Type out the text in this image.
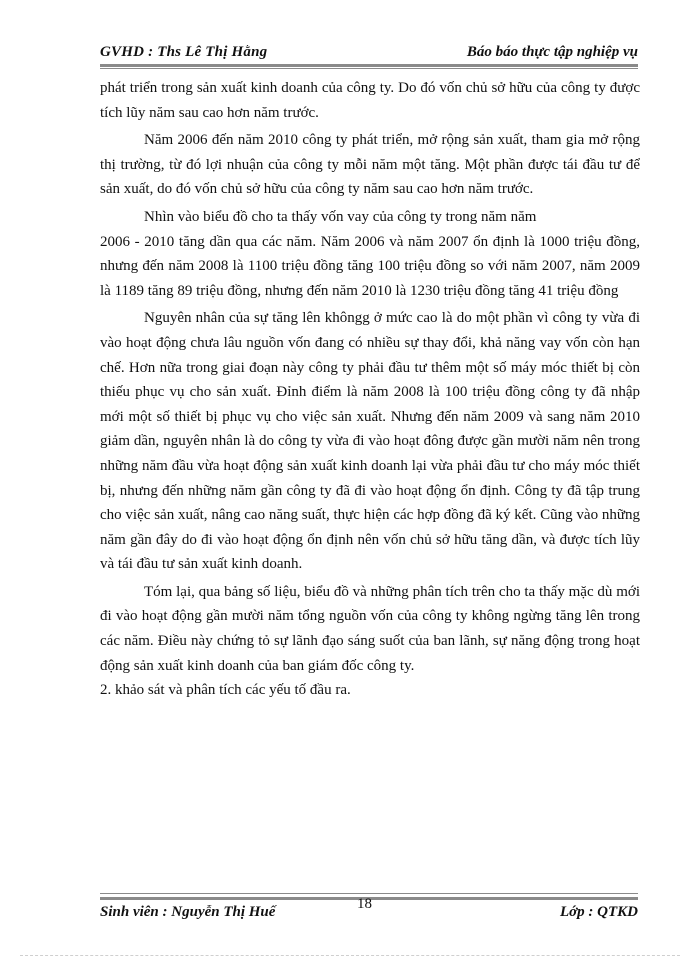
GVHD : Ths Lê Thị Hằng	Báo báo thực tập nghiệp vụ

phát triển trong sản xuất kinh doanh của công ty. Do đó vốn chủ sở hữu của công ty được tích lũy năm sau cao hơn năm trước.

Năm 2006 đến năm 2010 công ty phát triển, mở rộng sản xuất, tham gia mở rộng thị trường, từ đó lợi nhuận của công ty mỗi năm một tăng. Một phần được tái đầu tư để sản xuất, do đó vốn chủ sở hữu của công ty năm sau cao hơn năm trước.

Nhìn vào biểu đồ cho ta thấy vốn vay của công ty trong năm năm

2006 - 2010 tăng dần qua các năm. Năm 2006 và năm 2007 ổn định là 1000 triệu đồng, nhưng đến năm 2008 là 1100 triệu đồng tăng 100 triệu đồng so với năm 2007, năm 2009 là 1189 tăng 89 triệu đồng, nhưng đến năm 2010 là 1230 triệu đồng tăng 41 triệu đồng

Nguyên nhân của sự tăng lên khôngg ở mức cao là do một phần vì công ty vừa đi vào hoạt động chưa lâu nguồn vốn đang có nhiều sự thay đổi, khả năng vay vốn còn hạn chế. Hơn nữa trong giai đoạn này công ty phải đầu tư thêm một số máy móc thiết bị còn thiếu phục vụ cho sản xuất. Đỉnh điểm là năm 2008 là 100 triệu đồng công ty đã nhập mới một số thiết bị phục vụ cho việc sản xuất. Nhưng đến năm 2009 và sang năm 2010 giảm dần, nguyên nhân là do công ty vừa đi vào hoạt đông được gần mười năm nên trong những năm đầu vừa hoạt động sản xuất kinh doanh lại vừa phải đầu tư cho máy móc thiết bị, nhưng đến những năm gần công ty đã đi vào hoạt động ổn định. Công ty đã tập trung cho việc sản xuất, nâng cao năng suất, thực hiện các hợp đồng đã ký kết. Cũng vào những năm gần đây do đi vào hoạt động ổn định nên vốn chủ sở hữu tăng dần, và được tích lũy và tái đầu tư sản xuất kinh doanh.

Tóm lại, qua bảng số liệu, biểu đồ và những phân tích trên cho ta thấy mặc dù mới đi vào hoạt động gần mười năm tổng nguồn vốn của công ty không ngừng tăng lên trong các năm. Điều này chứng tỏ sự lãnh đạo sáng suốt của ban lãnh, sự năng động trong hoạt động sản xuất kinh doanh của ban giám đốc công ty.

2. khảo sát và phân tích các yếu tố đầu ra.

Sinh viên : Nguyễn Thị Huế	18	Lớp : QTKD
